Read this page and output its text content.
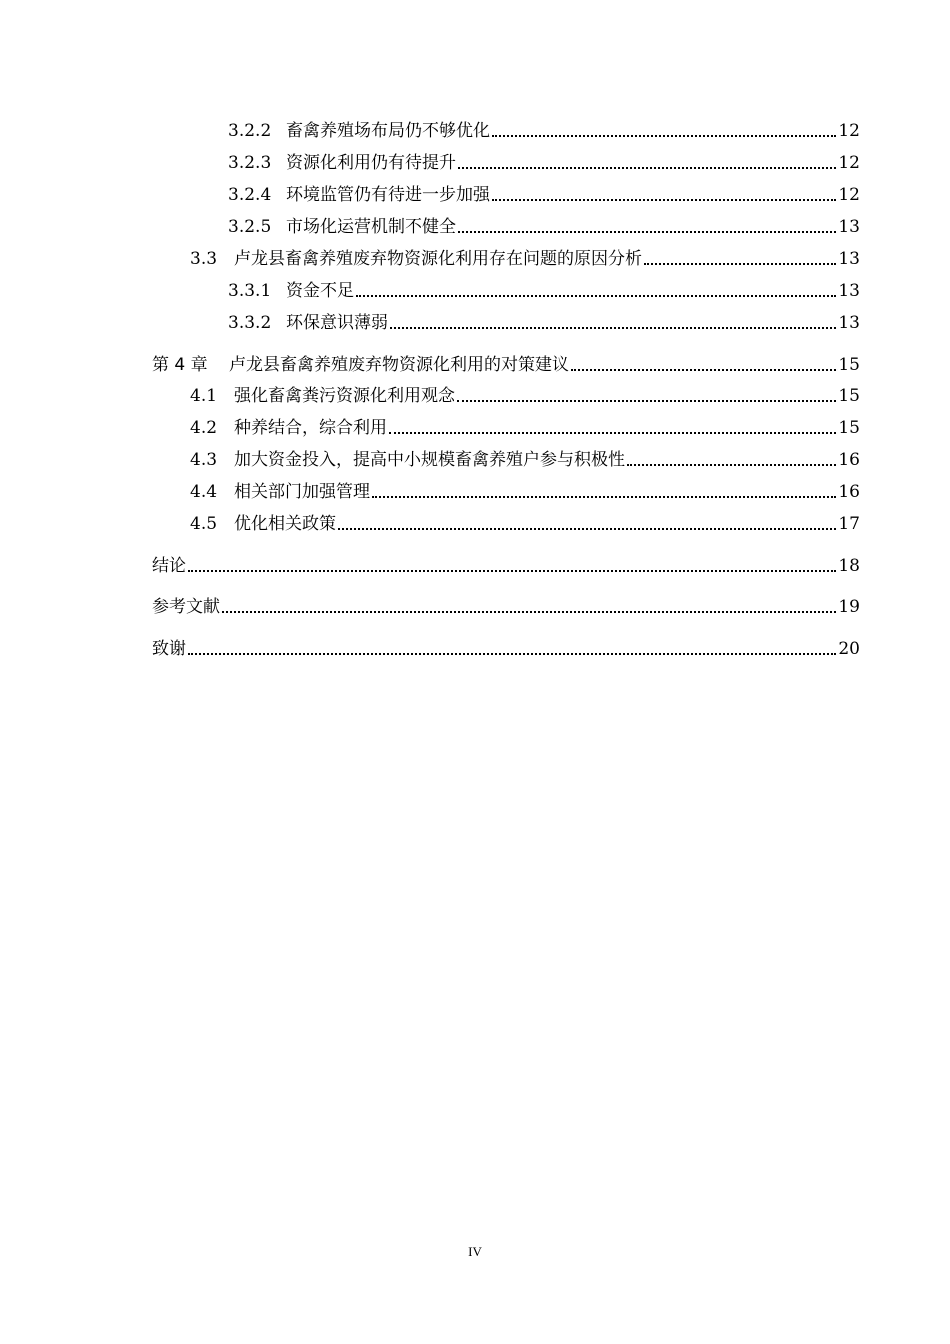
3.2.2 畜禽养殖场布局仍不够优化	12
3.2.3 资源化利用仍有待提升	12
3.2.4 环境监管仍有待进一步加强	12
3.2.5 市场化运营机制不健全	13
3.3 卢龙县畜禽养殖废弃物资源化利用存在问题的原因分析	13
3.3.1 资金不足	13
3.3.2 环保意识薄弱	13
第 4 章	卢龙县畜禽养殖废弃物资源化利用的对策建议	15
4.1 强化畜禽粪污资源化利用观念	15
4.2 种养结合，综合利用	15
4.3 加大资金投入，提高中小规模畜禽养殖户参与积极性	16
4.4 相关部门加强管理	16
4.5 优化相关政策	17
结论	18
参考文献	19
致谢	20
IV
